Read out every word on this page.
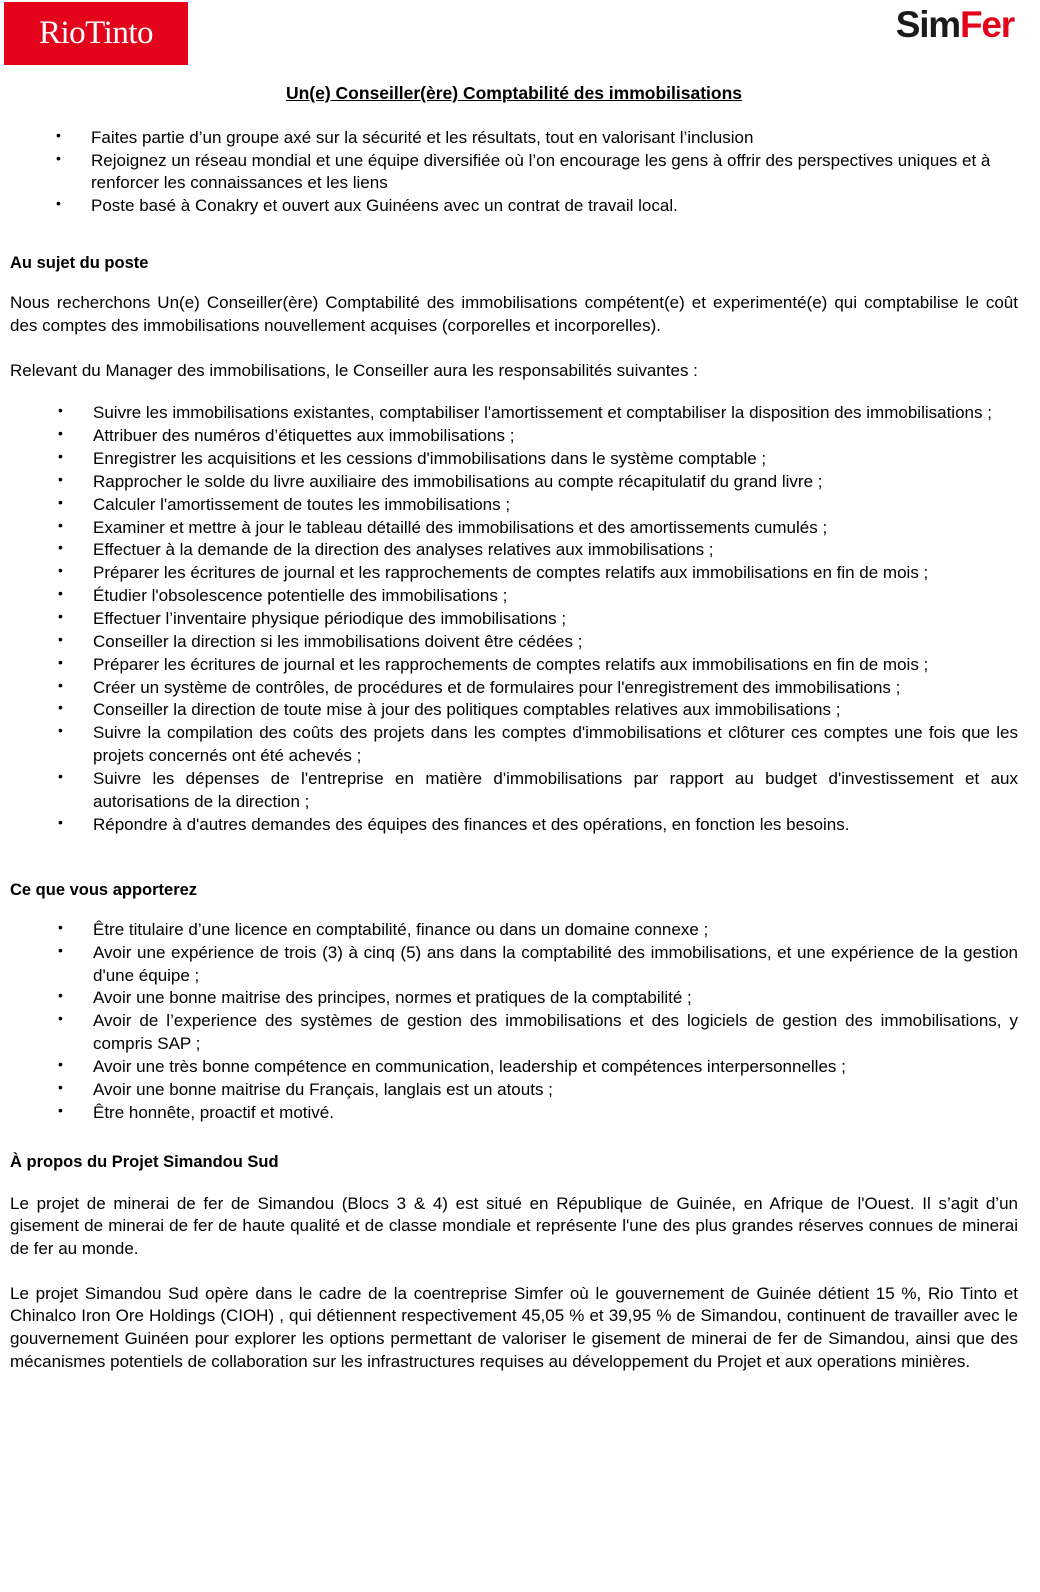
RioTinto	SimFer
Un(e) Conseiller(ère) Comptabilité des immobilisations
• Faites partie d’un groupe axé sur la sécurité et les résultats, tout en valorisant l’inclusion
• Rejoignez un réseau mondial et une équipe diversifiée où l’on encourage les gens à offrir des perspectives uniques et à renforcer les connaissances et les liens
• Poste basé à Conakry et ouvert aux Guinéens avec un contrat de travail local.
Au sujet du poste

Nous recherchons Un(e) Conseiller(ère) Comptabilité des immobilisations compétent(e) et experimenté(e) qui comptabilise le coût des comptes des immobilisations nouvellement acquises (corporelles et incorporelles).

Relevant du Manager des immobilisations, le Conseiller aura les responsabilités suivantes :

• Suivre les immobilisations existantes, comptabiliser l'amortissement et comptabiliser la disposition des immobilisations ;
• Attribuer des numéros d’étiquettes aux immobilisations ;
• Enregistrer les acquisitions et les cessions d'immobilisations dans le système comptable ;
• Rapprocher le solde du livre auxiliaire des immobilisations au compte récapitulatif du grand livre ;
• Calculer l'amortissement de toutes les immobilisations ;
• Examiner et mettre à jour le tableau détaillé des immobilisations et des amortissements cumulés ;
• Effectuer à la demande de la direction des analyses relatives aux immobilisations ;
• Préparer les écritures de journal et les rapprochements de comptes relatifs aux immobilisations en fin de mois ;
• Étudier l'obsolescence potentielle des immobilisations ;
• Effectuer l’inventaire physique périodique des immobilisations ;
• Conseiller la direction si les immobilisations doivent être cédées ;
• Préparer les écritures de journal et les rapprochements de comptes relatifs aux immobilisations en fin de mois ;
• Créer un système de contrôles, de procédures et de formulaires pour l'enregistrement des immobilisations ;
• Conseiller la direction de toute mise à jour des politiques comptables relatives aux immobilisations ;
• Suivre la compilation des coûts des projets dans les comptes d'immobilisations et clôturer ces comptes une fois que les projets concernés ont été achevés ;
• Suivre les dépenses de l'entreprise en matière d'immobilisations par rapport au budget d'investissement et aux autorisations de la direction ;
• Répondre à d'autres demandes des équipes des finances et des opérations, en fonction les besoins.
Ce que vous apporterez
• Être titulaire d’une licence en comptabilité, finance ou dans un domaine connexe ;
• Avoir une expérience de trois (3) à cinq (5) ans dans la comptabilité des immobilisations, et une expérience de la gestion d'une équipe ;
• Avoir une bonne maitrise des principes, normes et pratiques de la comptabilité ;
• Avoir de l’experience des systèmes de gestion des immobilisations et des logiciels de gestion des immobilisations, y compris SAP ;
• Avoir une très bonne compétence en communication, leadership et compétences interpersonnelles ;
• Avoir une bonne maitrise du Français, langlais est un atouts ;
• Être honnête, proactif et motivé.
À propos du Projet Simandou Sud

Le projet de minerai de fer de Simandou (Blocs 3 & 4) est situé en République de Guinée, en Afrique de l'Ouest. Il s’agit d’un gisement de minerai de fer de haute qualité et de classe mondiale et représente l'une des plus grandes réserves connues de minerai de fer au monde.

Le projet Simandou Sud opère dans le cadre de la coentreprise Simfer où le gouvernement de Guinée détient 15 %, Rio Tinto et Chinalco Iron Ore Holdings (CIOH) , qui détiennent respectivement 45,05 % et 39,95 % de Simandou, continuent de travailler avec le gouvernement Guinéen pour explorer les options permettant de valoriser le gisement de minerai de fer de Simandou, ainsi que des mécanismes potentiels de collaboration sur les infrastructures requises au développement du Projet et aux operations minières.
